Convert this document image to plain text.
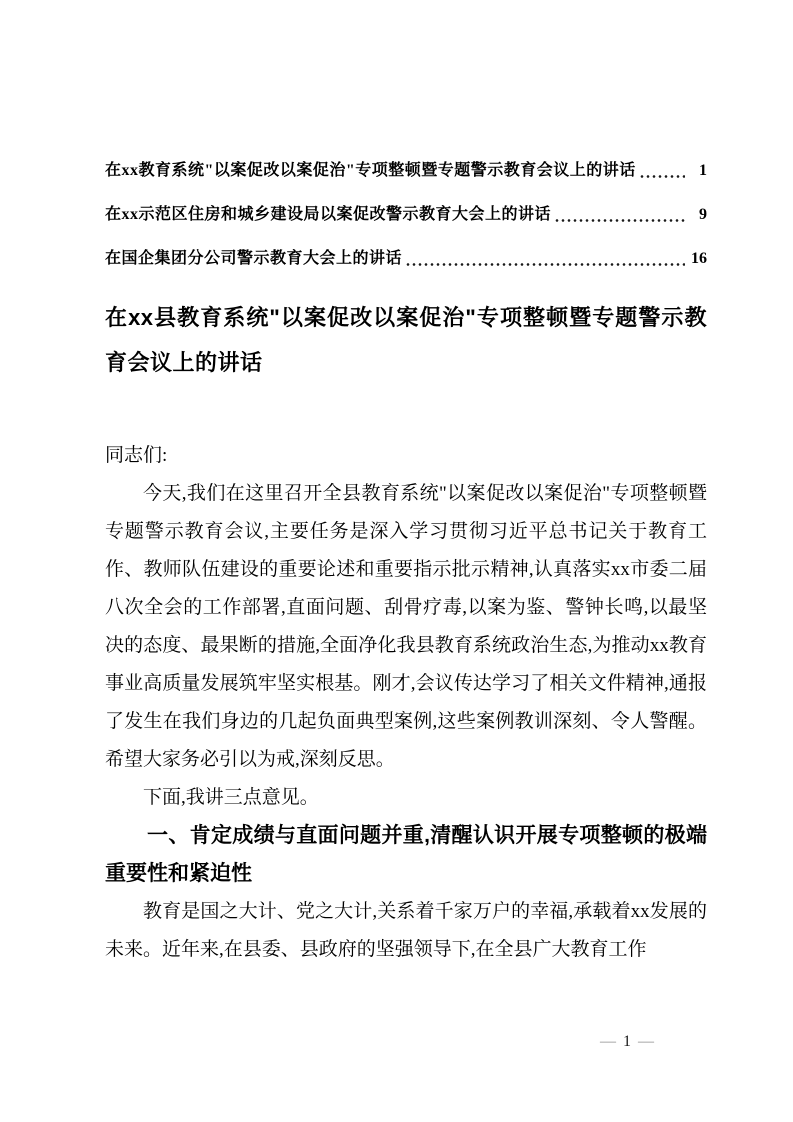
在xx教育系统"以案促改以案促治"专项整顿暨专题警示教育会议上的讲话	1
在xx示范区住房和城乡建设局以案促改警示教育大会上的讲话	9
在国企集团分公司警示教育大会上的讲话	16
在xx县教育系统"以案促改以案促治"专项整顿暨专题警示教育会议上的讲话

同志们:

今天,我们在这里召开全县教育系统"以案促改以案促治"专项整顿暨专题警示教育会议,主要任务是深入学习贯彻习近平总书记关于教育工作、教师队伍建设的重要论述和重要指示批示精神,认真落实xx市委二届八次全会的工作部署,直面问题、刮骨疗毒,以案为鉴、警钟长鸣,以最坚决的态度、最果断的措施,全面净化我县教育系统政治生态,为推动xx教育事业高质量发展筑牢坚实根基。刚才,会议传达学习了相关文件精神,通报了发生在我们身边的几起负面典型案例,这些案例教训深刻、令人警醒。希望大家务必引以为戒,深刻反思。

下面,我讲三点意见。

一、肯定成绩与直面问题并重,清醒认识开展专项整顿的极端重要性和紧迫性

教育是国之大计、党之大计,关系着千家万户的幸福,承载着xx发展的未来。近年来,在县委、县政府的坚强领导下,在全县广大教育工作

— 1 —
